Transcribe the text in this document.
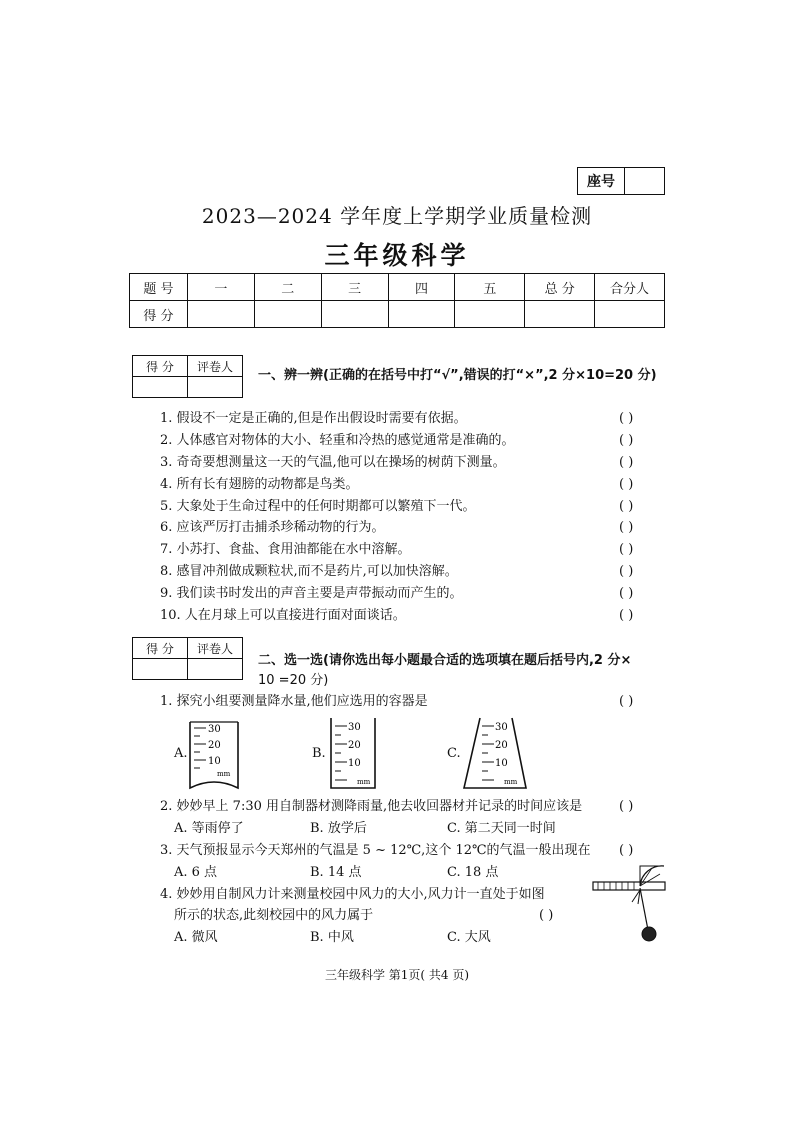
座号
2023—2024 学年度上学期学业质量检测
三年级科学
题 号	一	二	三	四	五	总 分	合分人
得 分							
得 分	评卷人

一、辨一辨(正确的在括号中打“√”,错误的打“×”,2 分×10=20 分)
1. 假设不一定是正确的,但是作出假设时需要有依据。	( )
2. 人体感官对物体的大小、轻重和冷热的感觉通常是准确的。	( )
3. 奇奇要想测量这一天的气温,他可以在操场的树荫下测量。	( )
4. 所有长有翅膀的动物都是鸟类。	( )
5. 大象处于生命过程中的任何时期都可以繁殖下一代。	( )
6. 应该严厉打击捕杀珍稀动物的行为。	( )
7. 小苏打、食盐、食用油都能在水中溶解。	( )
8. 感冒冲剂做成颗粒状,而不是药片,可以加快溶解。	( )
9. 我们读书时发出的声音主要是声带振动而产生的。	( )
10. 人在月球上可以直接进行面对面谈话。	( )
得 分	评卷人

二、选一选(请你选出每小题最合适的选项填在题后括号内,2 分×
10 =20 分)
1. 探究小组要测量降水量,他们应选用的容器是	( )
A.
30
20
10
mm
B.
30
20
10
mm
C.
30
20
10
mm
2. 妙妙早上 7:30 用自制器材测降雨量,他去收回器材并记录的时间应该是	( )
A. 等雨停了	B. 放学后	C. 第二天同一时间
3. 天气预报显示今天郑州的气温是 5 ~ 12℃,这个 12℃的气温一般出现在 ( )
A. 6 点	B. 14 点	C. 18 点
4. 妙妙用自制风力计来测量校园中风力的大小,风力计一直处于如图
所示的状态,此刻校园中的风力属于	( )
A. 微风	B. 中风	C. 大风
三年级科学 第1页( 共4 页)
